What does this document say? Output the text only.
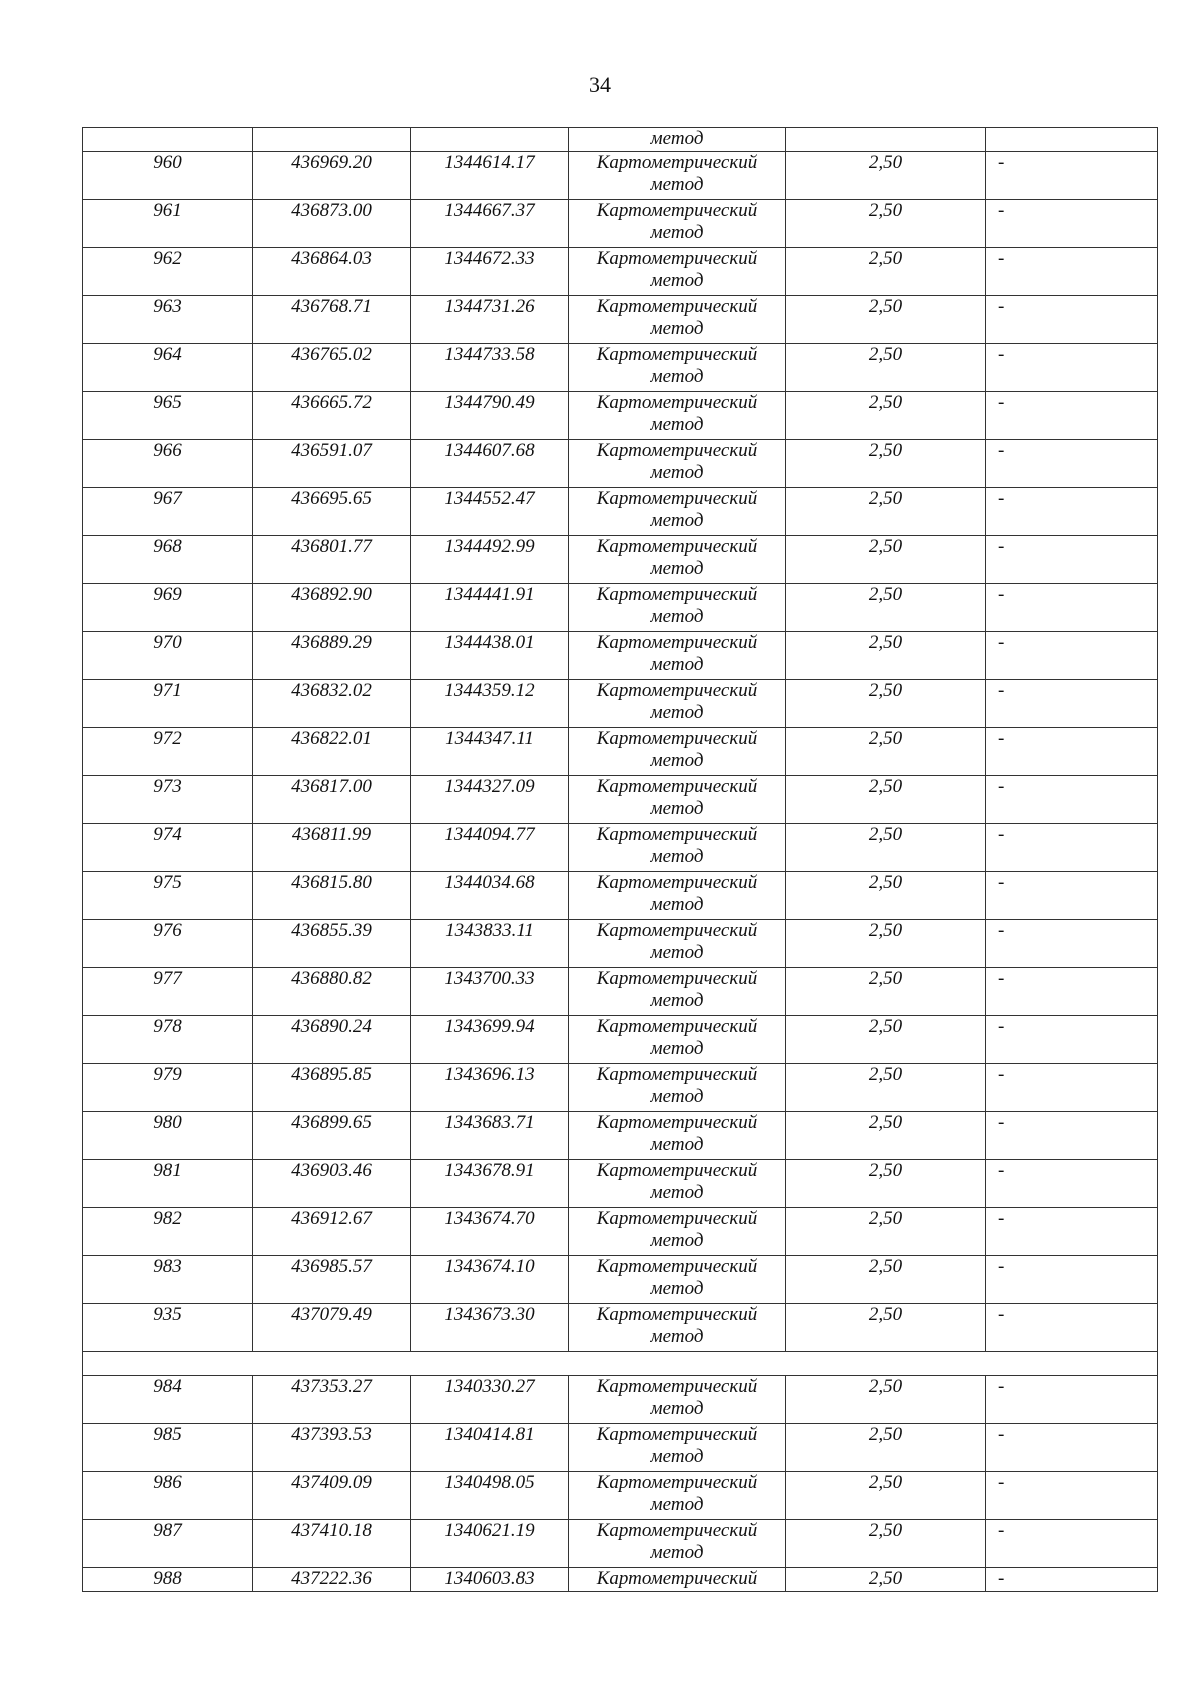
34

			метод		

960	436969.20	1344614.17	Картометрический
метод	2,50	-

961	436873.00	1344667.37	Картометрический
метод	2,50	-

962	436864.03	1344672.33	Картометрический
метод	2,50	-

963	436768.71	1344731.26	Картометрический
метод	2,50	-

964	436765.02	1344733.58	Картометрический
метод	2,50	-

965	436665.72	1344790.49	Картометрический
метод	2,50	-

966	436591.07	1344607.68	Картометрический
метод	2,50	-

967	436695.65	1344552.47	Картометрический
метод	2,50	-

968	436801.77	1344492.99	Картометрический
метод	2,50	-

969	436892.90	1344441.91	Картометрический
метод	2,50	-

970	436889.29	1344438.01	Картометрический
метод	2,50	-

971	436832.02	1344359.12	Картометрический
метод	2,50	-

972	436822.01	1344347.11	Картометрический
метод	2,50	-

973	436817.00	1344327.09	Картометрический
метод	2,50	-

974	436811.99	1344094.77	Картометрический
метод	2,50	-

975	436815.80	1344034.68	Картометрический
метод	2,50	-

976	436855.39	1343833.11	Картометрический
метод	2,50	-

977	436880.82	1343700.33	Картометрический
метод	2,50	-

978	436890.24	1343699.94	Картометрический
метод	2,50	-

979	436895.85	1343696.13	Картометрический
метод	2,50	-

980	436899.65	1343683.71	Картометрический
метод	2,50	-

981	436903.46	1343678.91	Картометрический
метод	2,50	-

982	436912.67	1343674.70	Картометрический
метод	2,50	-

983	436985.57	1343674.10	Картометрический
метод	2,50	-

935	437079.49	1343673.30	Картометрический
метод	2,50	-

984	437353.27	1340330.27	Картометрический
метод	2,50	-

985	437393.53	1340414.81	Картометрический
метод	2,50	-

986	437409.09	1340498.05	Картометрический
метод	2,50	-

987	437410.18	1340621.19	Картометрический
метод	2,50	-

988	437222.36	1340603.83	Картометрический	2,50	-
